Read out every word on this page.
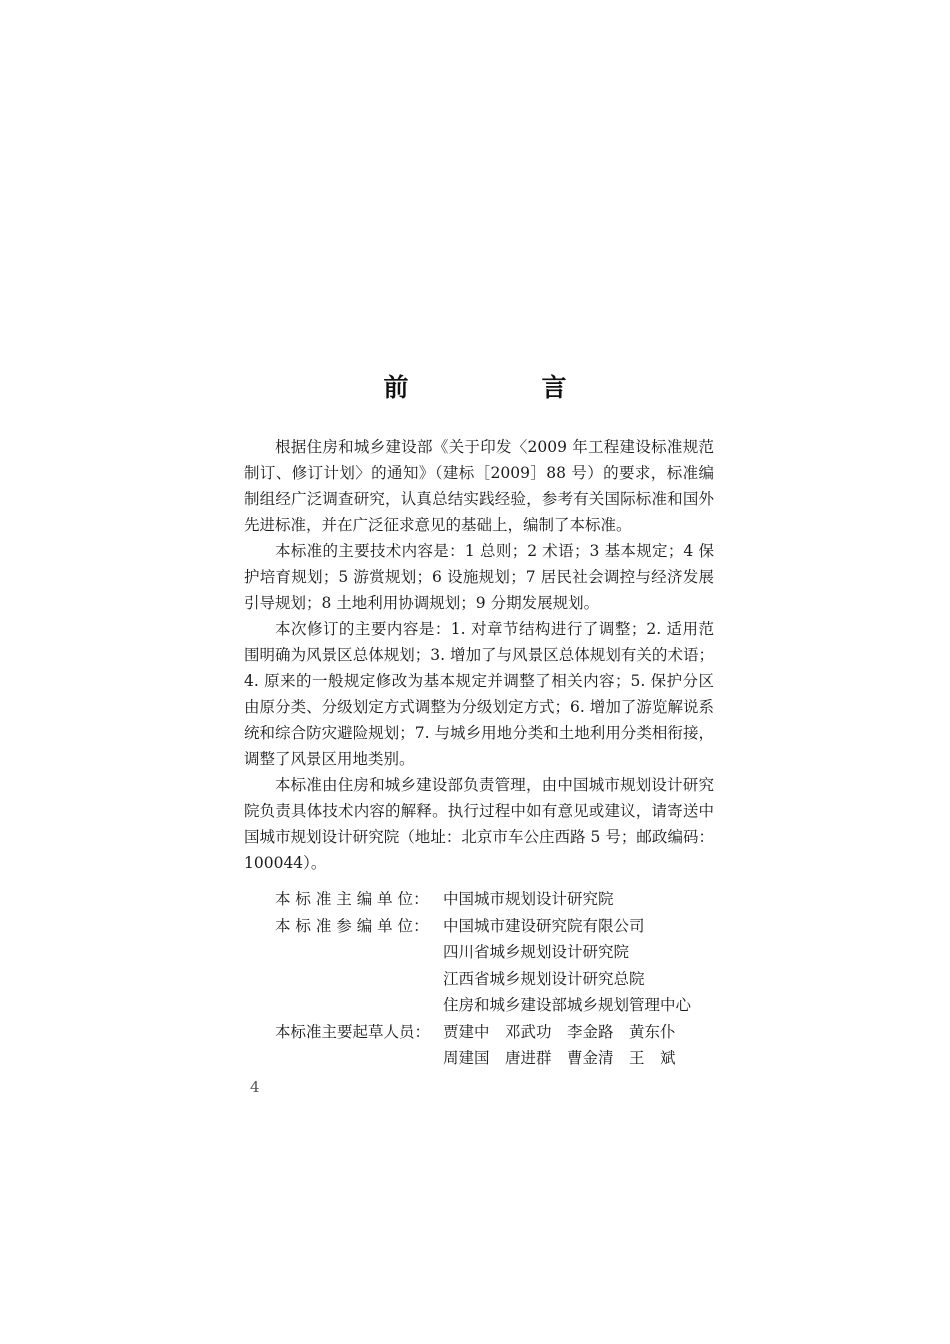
前　言

根据住房和城乡建设部《关于印发〈2009 年工程建设标准规范制订、修订计划〉的通知》（建标［2009］88 号）的要求，标准编制组经广泛调查研究，认真总结实践经验，参考有关国际标准和国外先进标准，并在广泛征求意见的基础上，编制了本标准。

本标准的主要技术内容是：1 总则；2 术语；3 基本规定；4 保护培育规划；5 游赏规划；6 设施规划；7 居民社会调控与经济发展引导规划；8 土地利用协调规划；9 分期发展规划。

本次修订的主要内容是：1. 对章节结构进行了调整；2. 适用范围明确为风景区总体规划；3. 增加了与风景区总体规划有关的术语；4. 原来的一般规定修改为基本规定并调整了相关内容；5. 保护分区由原分类、分级划定方式调整为分级划定方式；6. 增加了游览解说系统和综合防灾避险规划；7. 与城乡用地分类和土地利用分类相衔接，调整了风景区用地类别。

本标准由住房和城乡建设部负责管理，由中国城市规划设计研究院负责具体技术内容的解释。执行过程中如有意见或建议，请寄送中国城市规划设计研究院（地址：北京市车公庄西路 5 号；邮政编码：100044）。

本 标 准 主 编 单 位： 中国城市规划设计研究院
本 标 准 参 编 单 位： 中国城市建设研究院有限公司
四川省城乡规划设计研究院
江西省城乡规划设计研究总院
住房和城乡建设部城乡规划管理中心
本标准主要起草人员： 贾建中　邓武功　李金路　黄东仆
周建国　唐进群　曹金清　王　斌
4
